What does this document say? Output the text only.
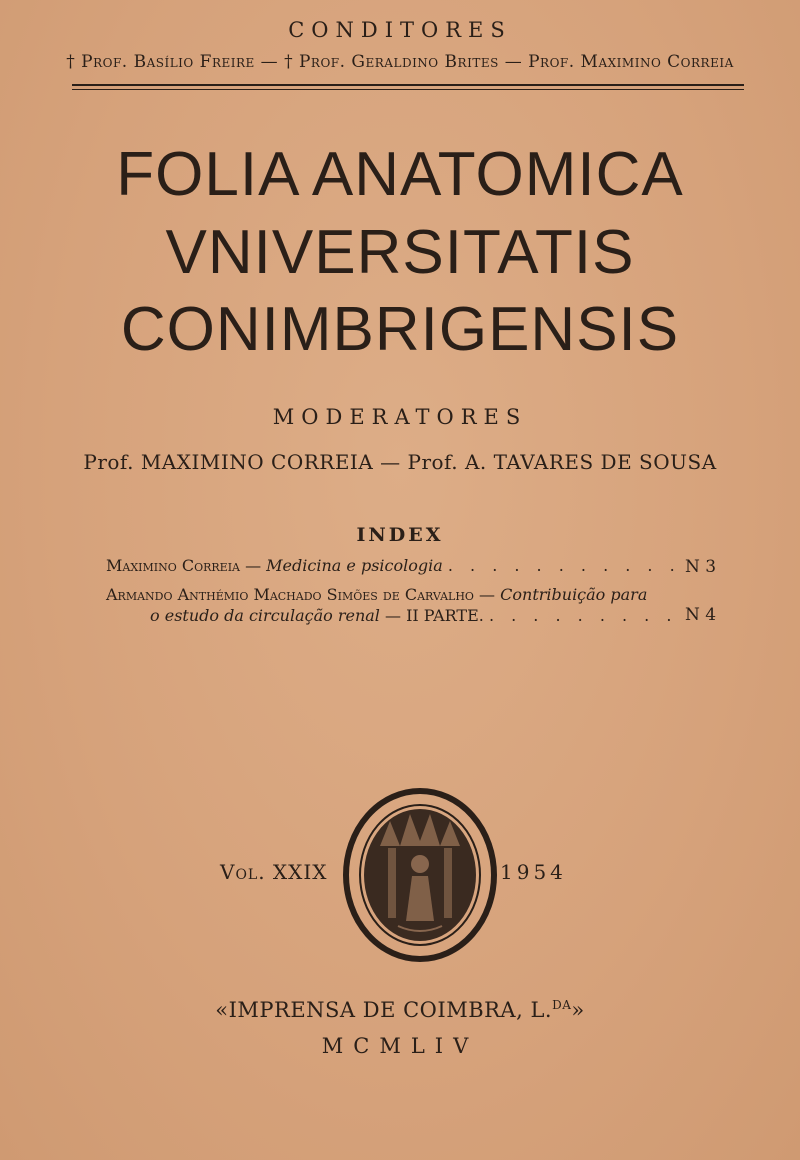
CONDITORES
† Prof. Basílio Freire — † Prof. Geraldino Brites — Prof. Maximino Correia
FOLIA ANATOMICA
VNIVERSITATIS
CONIMBRIGENSIS
MODERATORES
Prof. MAXIMINO CORREIA — Prof. A. TAVARES DE SOUSA
INDEX
Maximino Correia — Medicina e psicologia . . . . . . . . . . . N 3
Armando Anthémio Machado Simões de Carvalho — Contribuição para
o estudo da circulação renal — II PARTE. . . . . . . . . . N 4
Vol. XXIX	1954
«IMPRENSA DE COIMBRA, L.$^{DA}$»
MCMLIV
